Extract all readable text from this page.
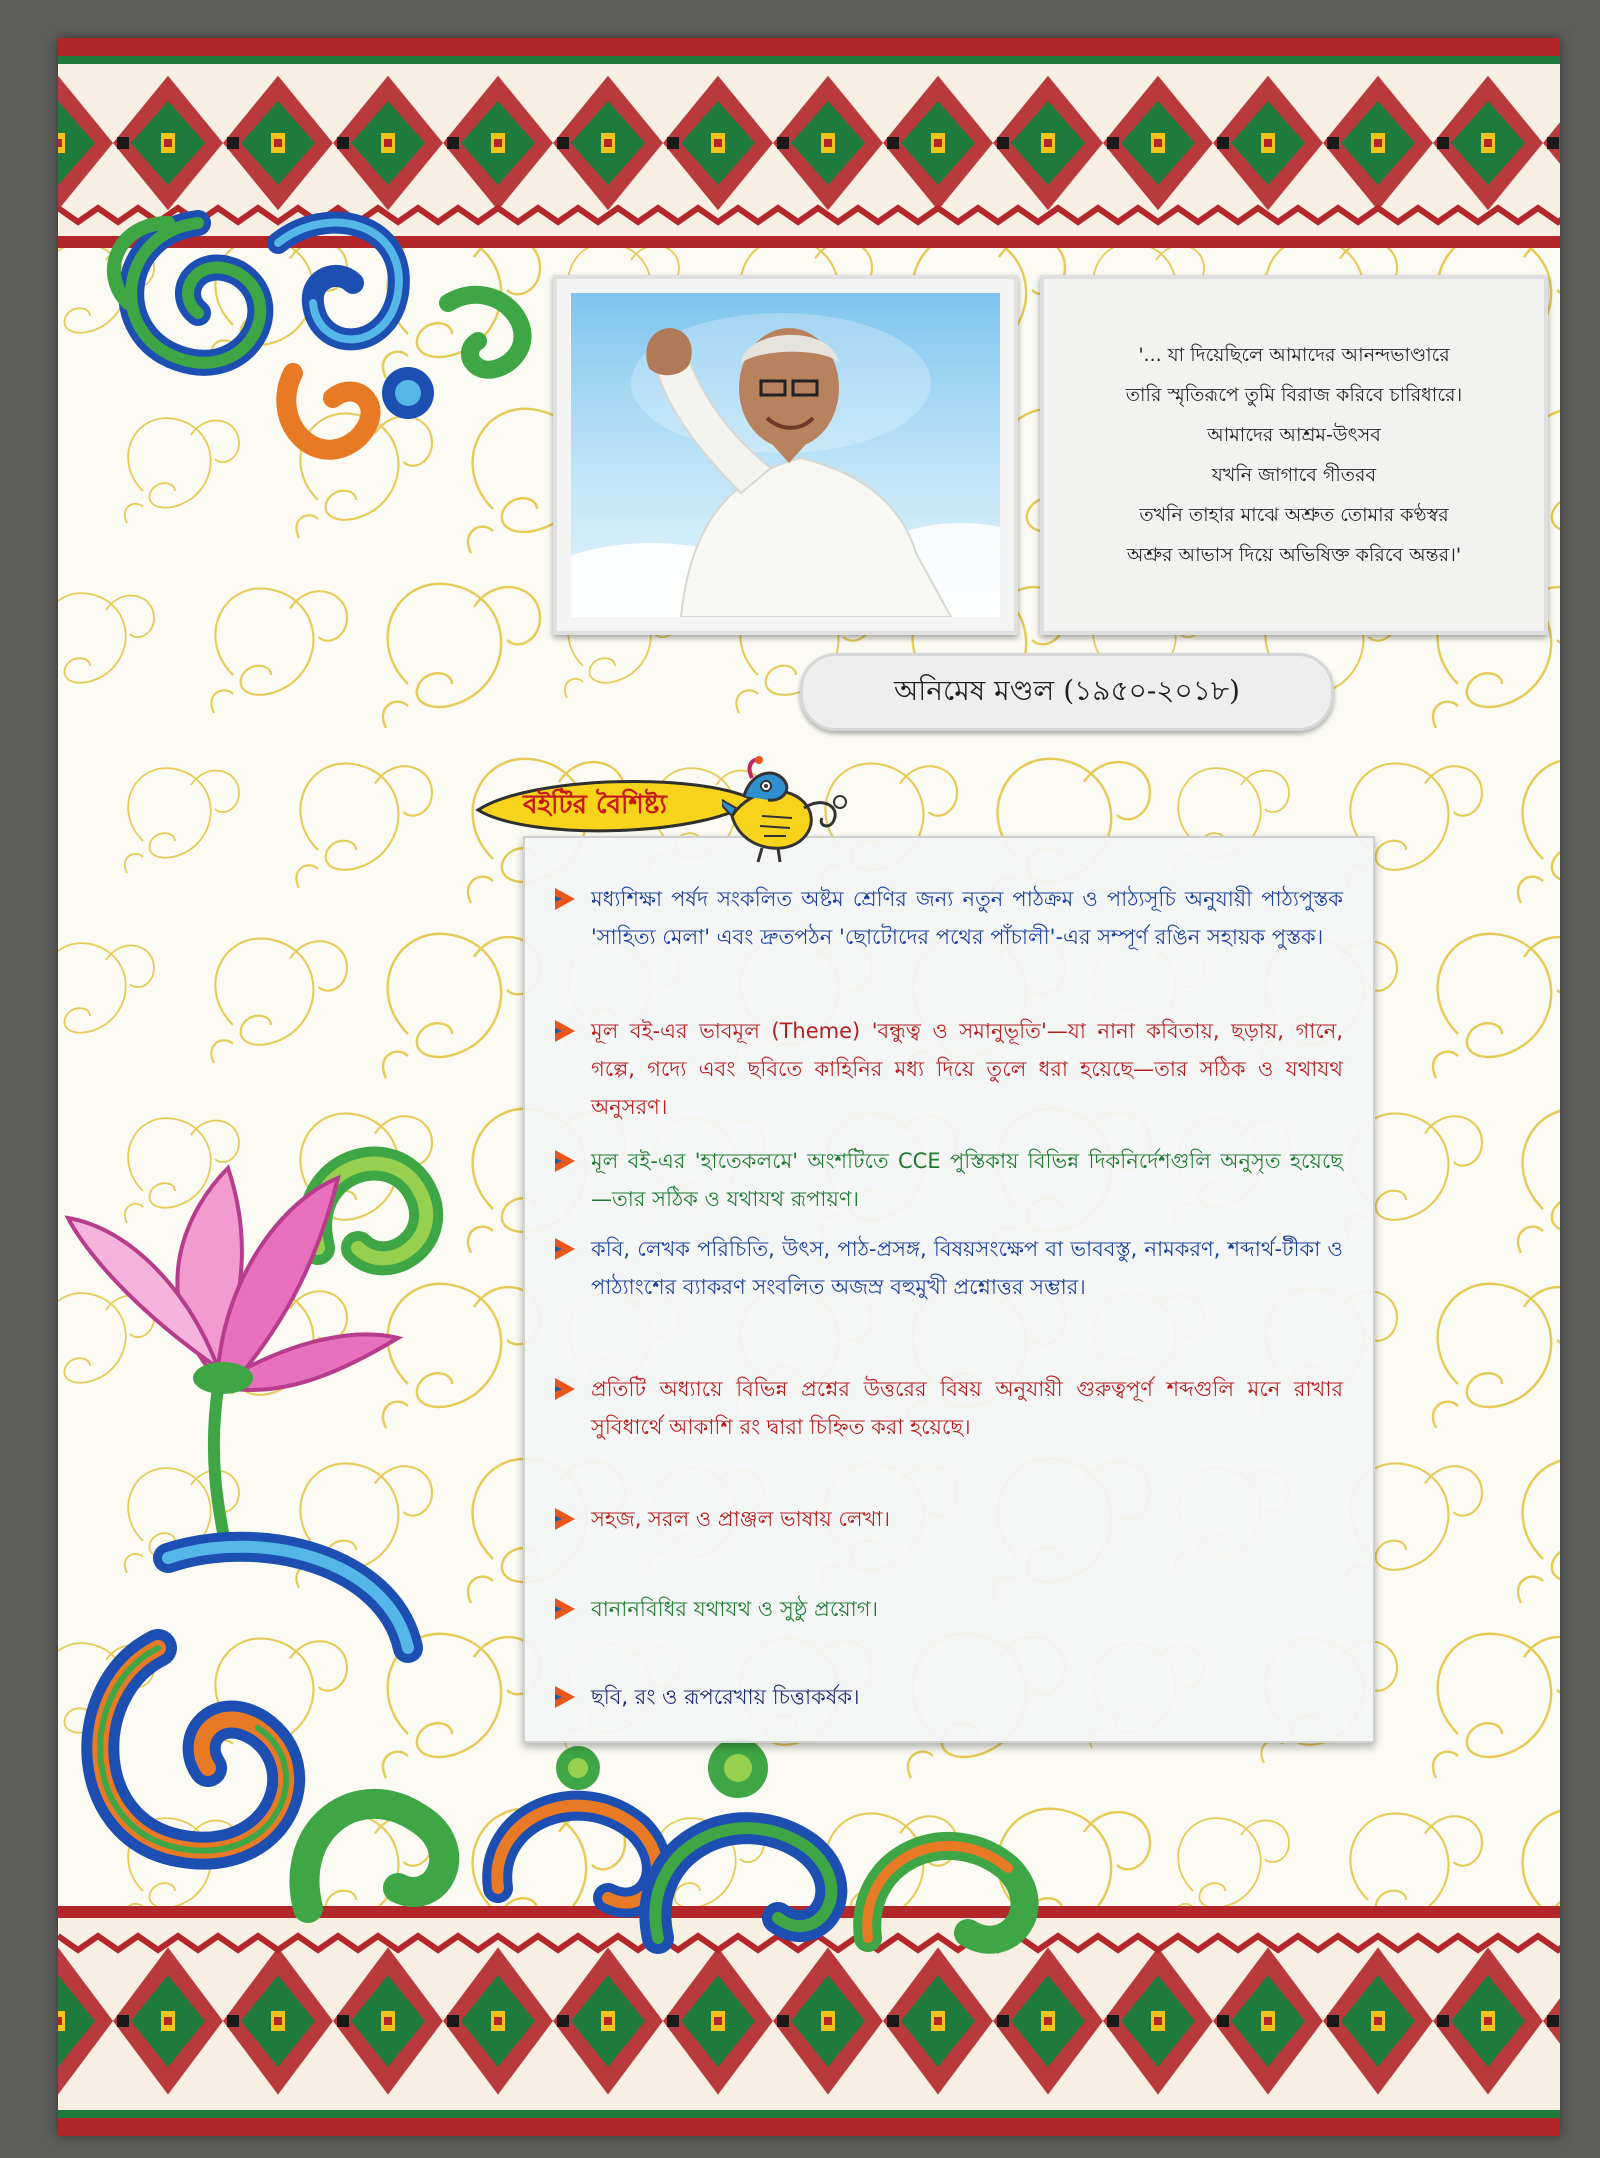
'... যা দিয়েছিলে আমাদের আনন্দভাণ্ডারে
তারি স্মৃতিরূপে তুমি বিরাজ করিবে চারিধারে।
আমাদের আশ্রম-উৎসব
যখনি জাগাবে গীতরব
তখনি তাহার মাঝে অশ্রুত তোমার কণ্ঠস্বর
অশ্রুর আভাস দিয়ে অভিষিক্ত করিবে অন্তর।'
অনিমেষ মণ্ডল (১৯৫০-২০১৮)
মধ্যশিক্ষা পর্ষদ সংকলিত অষ্টম শ্রেণির জন্য নতুন পাঠক্রম ও পাঠ্যসূচি অনুযায়ী পাঠ্যপুস্তক 'সাহিত্য মেলা' এবং দ্রুতপঠন 'ছোটোদের পথের পাঁচালী'-এর সম্পূর্ণ রঙিন সহায়ক পুস্তক।
মূল বই-এর ভাবমূল (Theme) 'বন্ধুত্ব ও সমানুভূতি'—যা নানা কবিতায়, ছড়ায়, গানে, গল্পে, গদ্যে এবং ছবিতে কাহিনির মধ্য দিয়ে তুলে ধরা হয়েছে—তার সঠিক ও যথাযথ অনুসরণ।
মূল বই-এর 'হাতেকলমে' অংশটিতে CCE পুস্তিকায় বিভিন্ন দিকনির্দেশগুলি অনুসৃত হয়েছে —তার সঠিক ও যথাযথ রূপায়ণ।
কবি, লেখক পরিচিতি, উৎস, পাঠ-প্রসঙ্গ, বিষয়সংক্ষেপ বা ভাববস্তু, নামকরণ, শব্দার্থ-টীকা ও পাঠ্যাংশের ব্যাকরণ সংবলিত অজস্র বহুমুখী প্রশ্নোত্তর সম্ভার।
প্রতিটি অধ্যায়ে বিভিন্ন প্রশ্নের উত্তরের বিষয় অনুযায়ী গুরুত্বপূর্ণ শব্দগুলি মনে রাখার সুবিধার্থে আকাশি রং দ্বারা চিহ্নিত করা হয়েছে।
সহজ, সরল ও প্রাঞ্জল ভাষায় লেখা।
বানানবিধির যথাযথ ও সুষ্ঠু প্রয়োগ।
ছবি, রং ও রূপরেখায় চিত্তাকর্ষক।
বইটির বৈশিষ্ট্য
